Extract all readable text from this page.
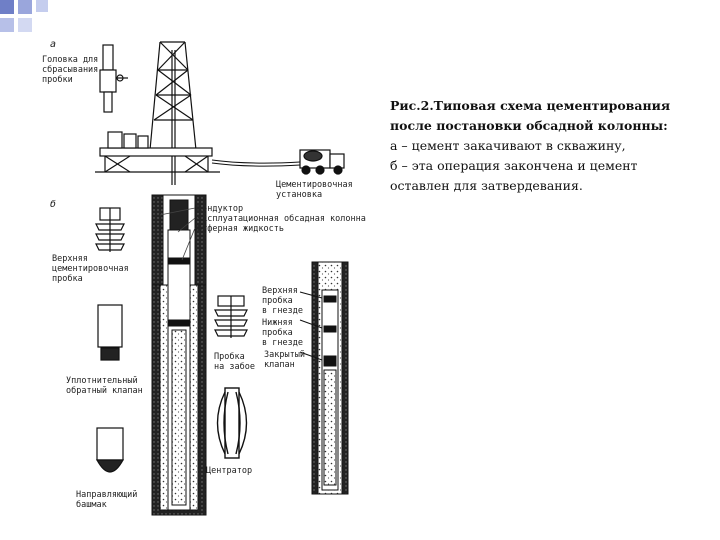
а
Головка для
сбрасывания
пробки
Цементировочная
установка
б	Кондуктор
Эксплуатационная обсадная колонна
Буферная жидкость
Верхняя
цементировочная
пробка
Уплотнительный
обратный клапан
Направляющий
башмак
Пробка
на забое
Центратор
Верхняя
пробка
в гнезде
Нижняя
пробка
в гнезде
Закрытый
клапан
Рис.2.Типовая схема цементирования
после постановки обсадной колонны:
а – цемент закачивают в скважину,
б – эта операция закончена и цемент
оставлен для затвердевания.
